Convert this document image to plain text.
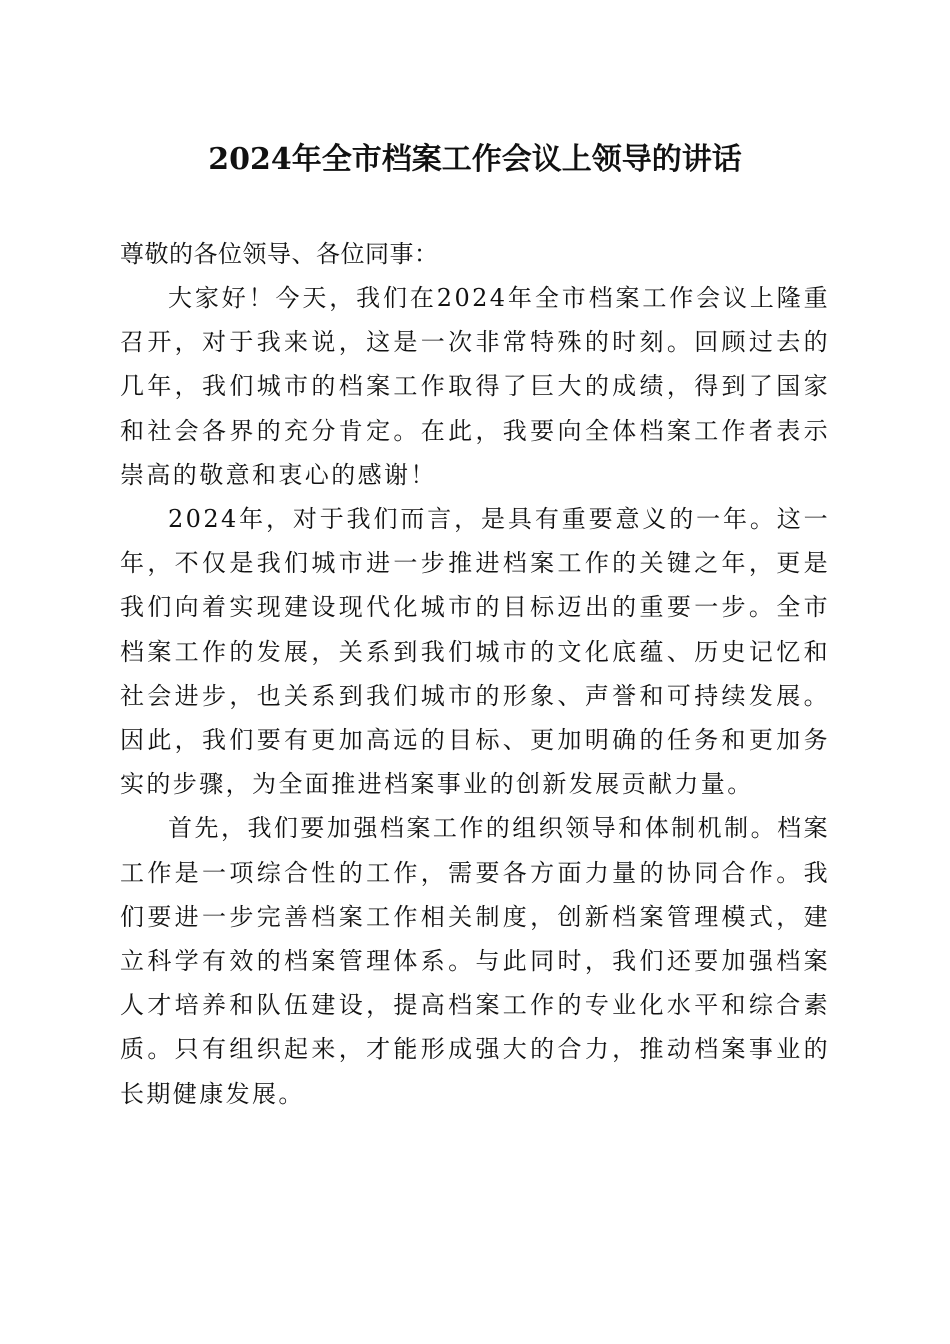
2024年全市档案工作会议上领导的讲话

尊敬的各位领导、各位同事：

大家好！今天，我们在2024年全市档案工作会议上隆重召开，对于我来说，这是一次非常特殊的时刻。回顾过去的几年，我们城市的档案工作取得了巨大的成绩，得到了国家和社会各界的充分肯定。在此，我要向全体档案工作者表示崇高的敬意和衷心的感谢！

2024年，对于我们而言，是具有重要意义的一年。这一年，不仅是我们城市进一步推进档案工作的关键之年，更是我们向着实现建设现代化城市的目标迈出的重要一步。全市档案工作的发展，关系到我们城市的文化底蕴、历史记忆和社会进步，也关系到我们城市的形象、声誉和可持续发展。因此，我们要有更加高远的目标、更加明确的任务和更加务实的步骤，为全面推进档案事业的创新发展贡献力量。

首先，我们要加强档案工作的组织领导和体制机制。档案工作是一项综合性的工作，需要各方面力量的协同合作。我们要进一步完善档案工作相关制度，创新档案管理模式，建立科学有效的档案管理体系。与此同时，我们还要加强档案人才培养和队伍建设，提高档案工作的专业化水平和综合素质。只有组织起来，才能形成强大的合力，推动档案事业的长期健康发展。
